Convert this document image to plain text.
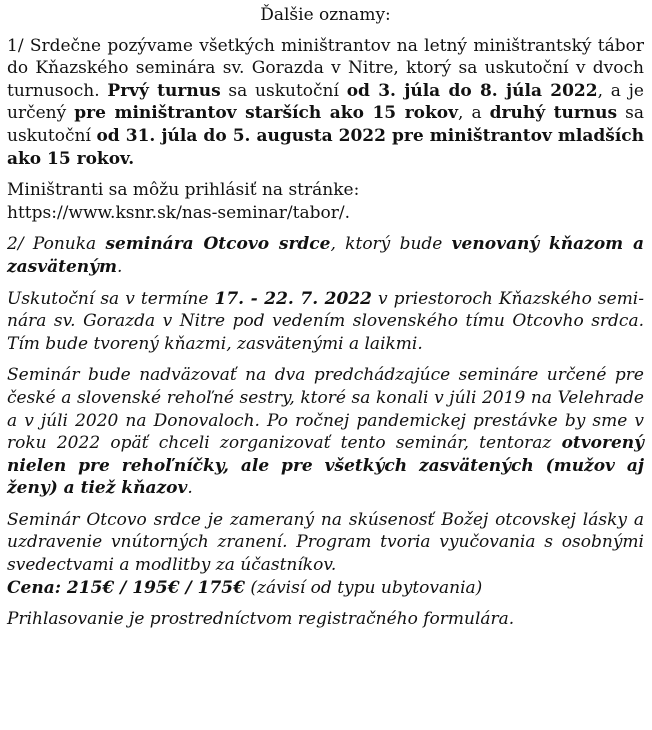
Ďalšie oznamy:

1/ Srdečne pozývame všetkých miništrantov na letný miništrantský tábor do Kňazského seminára sv. Gorazda v Nitre, ktorý sa uskutoční v dvoch turnusoch. Prvý turnus sa uskutoční od 3. júla do 8. júla 2022, a je určený pre miništrantov starších ako 15 rokov, a druhý turnus sa uskutoční od 31. júla do 5. augusta 2022 pre miništrantov mladších ako 15 rokov.

Miništranti sa môžu prihlásiť na stránke:
https://www.ksnr.sk/nas-seminar/tabor/.

2/ Ponuka seminára Otcovo srdce, ktorý bude venovaný kňazom a zasväteným.

Uskutoční sa v termíne 17. - 22. 7. 2022 v priestoroch Kňazského semi-nára sv. Gorazda v Nitre pod vedením slovenského tímu Otcovho srdca. Tím bude tvorený kňazmi, zasvätenými a laikmi.

Seminár bude nadväzovať na dva predchádzajúce semináre určené pre české a slovenské rehoľné sestry, ktoré sa konali v júli 2019 na Velehrade a v júli 2020 na Donovaloch. Po ročnej pandemickej prestávke by sme v roku 2022 opäť chceli zorganizovať tento seminár, tentoraz otvorený nielen pre rehoľníčky, ale pre všetkých zasvätených (mužov aj ženy) a tiež kňazov.

Seminár Otcovo srdce je zameraný na skúsenosť Božej otcovskej lásky a uzdravenie vnútorných zranení. Program tvoria vyučovania s osobnými svedectvami a modlitby za účastníkov.
Cena: 215€ / 195€ / 175€ (závisí od typu ubytovania)

Prihlasovanie je prostredníctvom registračného formulára.
